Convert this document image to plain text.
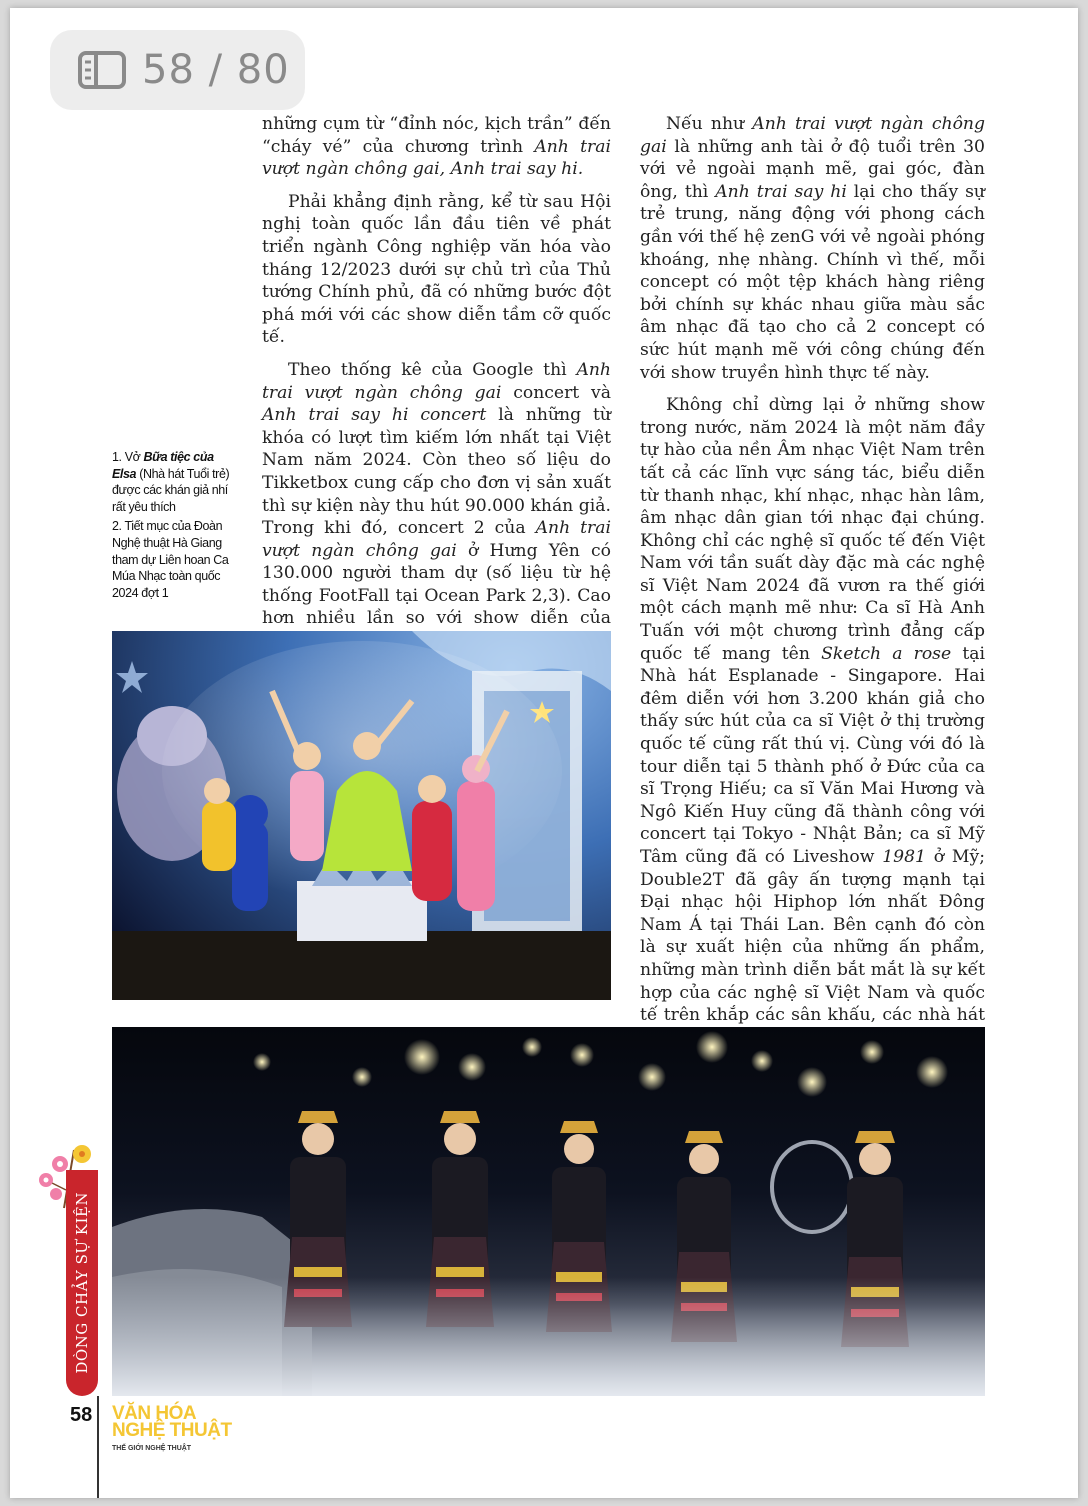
58 / 80

những cụm từ “đỉnh nóc, kịch trần” đến “cháy vé” của chương trình Anh trai vượt ngàn chông gai, Anh trai say hi.

Phải khẳng định rằng, kể từ sau Hội nghị toàn quốc lần đầu tiên về phát triển ngành Công nghiệp văn hóa vào tháng 12/2023 dưới sự chủ trì của Thủ tướng Chính phủ, đã có những bước đột phá mới với các show diễn tầm cỡ quốc tế.

Theo thống kê của Google thì Anh trai vượt ngàn chông gai concert và Anh trai say hi concert là những từ khóa có lượt tìm kiếm lớn nhất tại Việt Nam năm 2024. Còn theo số liệu do Tikketbox cung cấp cho đơn vị sản xuất thì sự kiện này thu hút 90.000 khán giả. Trong khi đó, concert 2 của Anh trai vượt ngàn chông gai ở Hưng Yên có 130.000 người tham dự (số liệu từ hệ thống FootFall tại Ocean Park 2,3). Cao hơn nhiều lần so với show diễn của

Nếu như Anh trai vượt ngàn chông gai là những anh tài ở độ tuổi trên 30 với vẻ ngoài mạnh mẽ, gai góc, đàn ông, thì Anh trai say hi lại cho thấy sự trẻ trung, năng động với phong cách gần với thế hệ zenG với vẻ ngoài phóng khoáng, nhẹ nhàng. Chính vì thế, mỗi concept có một tệp khách hàng riêng bởi chính sự khác nhau giữa màu sắc âm nhạc đã tạo cho cả 2 concept có sức hút mạnh mẽ với công chúng đến với show truyền hình thực tế này.

Không chỉ dừng lại ở những show trong nước, năm 2024 là một năm đầy tự hào của nền Âm nhạc Việt Nam trên tất cả các lĩnh vực sáng tác, biểu diễn từ thanh nhạc, khí nhạc, nhạc hàn lâm, âm nhạc dân gian tới nhạc đại chúng. Không chỉ các nghệ sĩ quốc tế đến Việt Nam với tần suất dày đặc mà các nghệ sĩ Việt Nam 2024 đã vươn ra thế giới một cách mạnh mẽ như: Ca sĩ Hà Anh Tuấn với một chương trình đẳng cấp quốc tế mang tên Sketch a rose tại Nhà hát Esplanade - Singapore. Hai đêm diễn với hơn 3.200 khán giả cho thấy sức hút của ca sĩ Việt ở thị trường quốc tế cũng rất thú vị. Cùng với đó là tour diễn tại 5 thành phố ở Đức của ca sĩ Trọng Hiếu; ca sĩ Văn Mai Hương và Ngô Kiến Huy cũng đã thành công với concert tại Tokyo - Nhật Bản; ca sĩ Mỹ Tâm cũng đã có Liveshow 1981 ở Mỹ; Double2T đã gây ấn tượng mạnh tại Đại nhạc hội Hiphop lớn nhất Đông Nam Á tại Thái Lan. Bên cạnh đó còn là sự xuất hiện của những ấn phẩm, những màn trình diễn bắt mắt là sự kết hợp của các nghệ sĩ Việt Nam và quốc tế trên khắp các sân khấu, các nhà hát

1. Vở Bữa tiệc của Elsa (Nhà hát Tuổi trẻ) được các khán giả nhí rất yêu thích
2. Tiết mục của Đoàn Nghệ thuật Hà Giang tham dự Liên hoan Ca Múa Nhạc toàn quốc 2024 đợt 1
DÒNG CHẢY SỰ KIỆN
58 VĂN HÓA
NGHỆ THUẬT
THẾ GIỚI NGHỆ THUẬT
